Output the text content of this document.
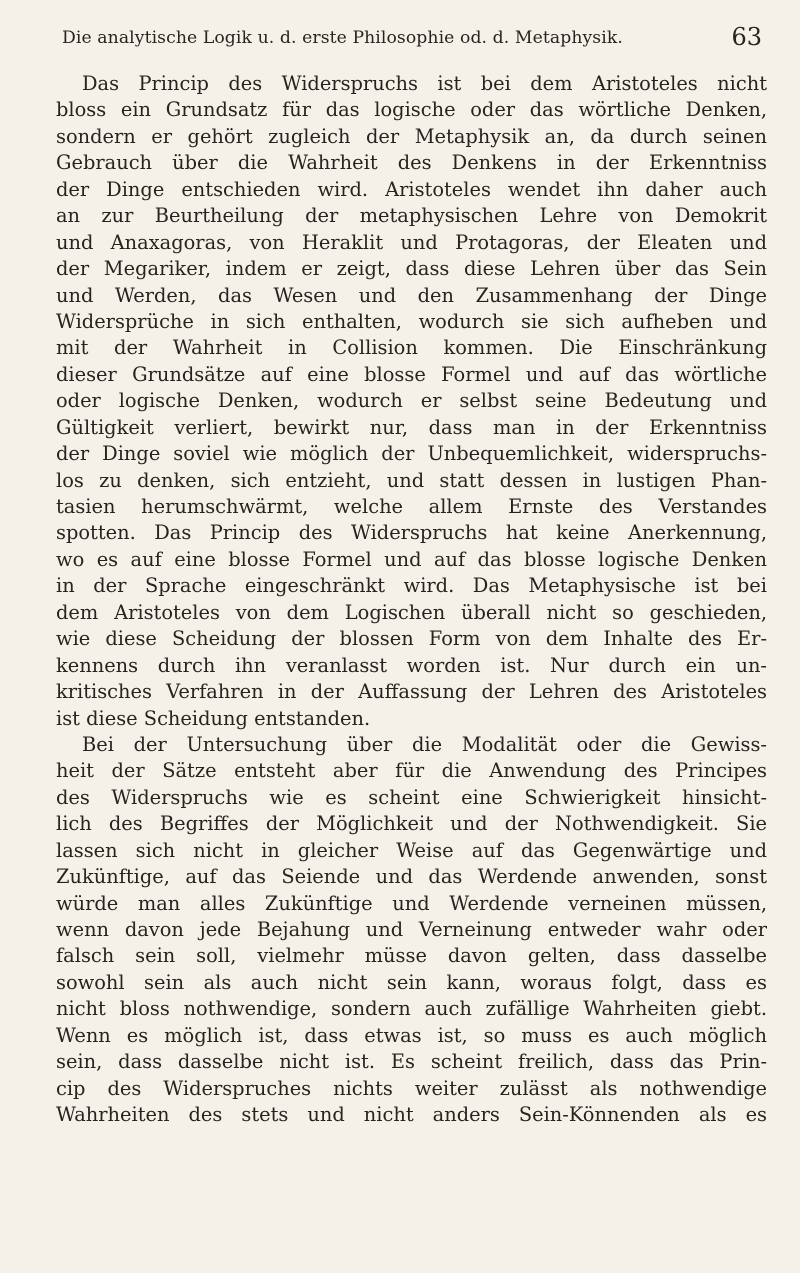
Die analytische Logik u. d. erste Philosophie od. d. Metaphysik.	63
Das Princip des Widerspruchs ist bei dem Aristoteles nicht
bloss ein Grundsatz für das logische oder das wörtliche Denken,
sondern er gehört zugleich der Metaphysik an, da durch seinen
Gebrauch über die Wahrheit des Denkens in der Erkenntniss
der Dinge entschieden wird. Aristoteles wendet ihn daher auch
an zur Beurtheilung der metaphysischen Lehre von Demokrit
und Anaxagoras, von Heraklit und Protagoras, der Eleaten und
der Megariker, indem er zeigt, dass diese Lehren über das Sein
und Werden, das Wesen und den Zusammenhang der Dinge
Widersprüche in sich enthalten, wodurch sie sich aufheben und
mit der Wahrheit in Collision kommen. Die Einschränkung
dieser Grundsätze auf eine blosse Formel und auf das wörtliche
oder logische Denken, wodurch er selbst seine Bedeutung und
Gültigkeit verliert, bewirkt nur, dass man in der Erkenntniss
der Dinge soviel wie möglich der Unbequemlichkeit, widerspruchs-
los zu denken, sich entzieht, und statt dessen in lustigen Phan-
tasien herumschwärmt, welche allem Ernste des Verstandes
spotten. Das Princip des Widerspruchs hat keine Anerkennung,
wo es auf eine blosse Formel und auf das blosse logische Denken
in der Sprache eingeschränkt wird. Das Metaphysische ist bei
dem Aristoteles von dem Logischen überall nicht so geschieden,
wie diese Scheidung der blossen Form von dem Inhalte des Er-
kennens durch ihn veranlasst worden ist. Nur durch ein un-
kritisches Verfahren in der Auffassung der Lehren des Aristoteles
ist diese Scheidung entstanden.
Bei der Untersuchung über die Modalität oder die Gewiss-
heit der Sätze entsteht aber für die Anwendung des Principes
des Widerspruchs wie es scheint eine Schwierigkeit hinsicht-
lich des Begriffes der Möglichkeit und der Nothwendigkeit. Sie
lassen sich nicht in gleicher Weise auf das Gegenwärtige und
Zukünftige, auf das Seiende und das Werdende anwenden, sonst
würde man alles Zukünftige und Werdende verneinen müssen,
wenn davon jede Bejahung und Verneinung entweder wahr oder
falsch sein soll, vielmehr müsse davon gelten, dass dasselbe
sowohl sein als auch nicht sein kann, woraus folgt, dass es
nicht bloss nothwendige, sondern auch zufällige Wahrheiten giebt.
Wenn es möglich ist, dass etwas ist, so muss es auch möglich
sein, dass dasselbe nicht ist. Es scheint freilich, dass das Prin-
cip des Widerspruches nichts weiter zulässt als nothwendige
Wahrheiten des stets und nicht anders Sein-Könnenden als es
